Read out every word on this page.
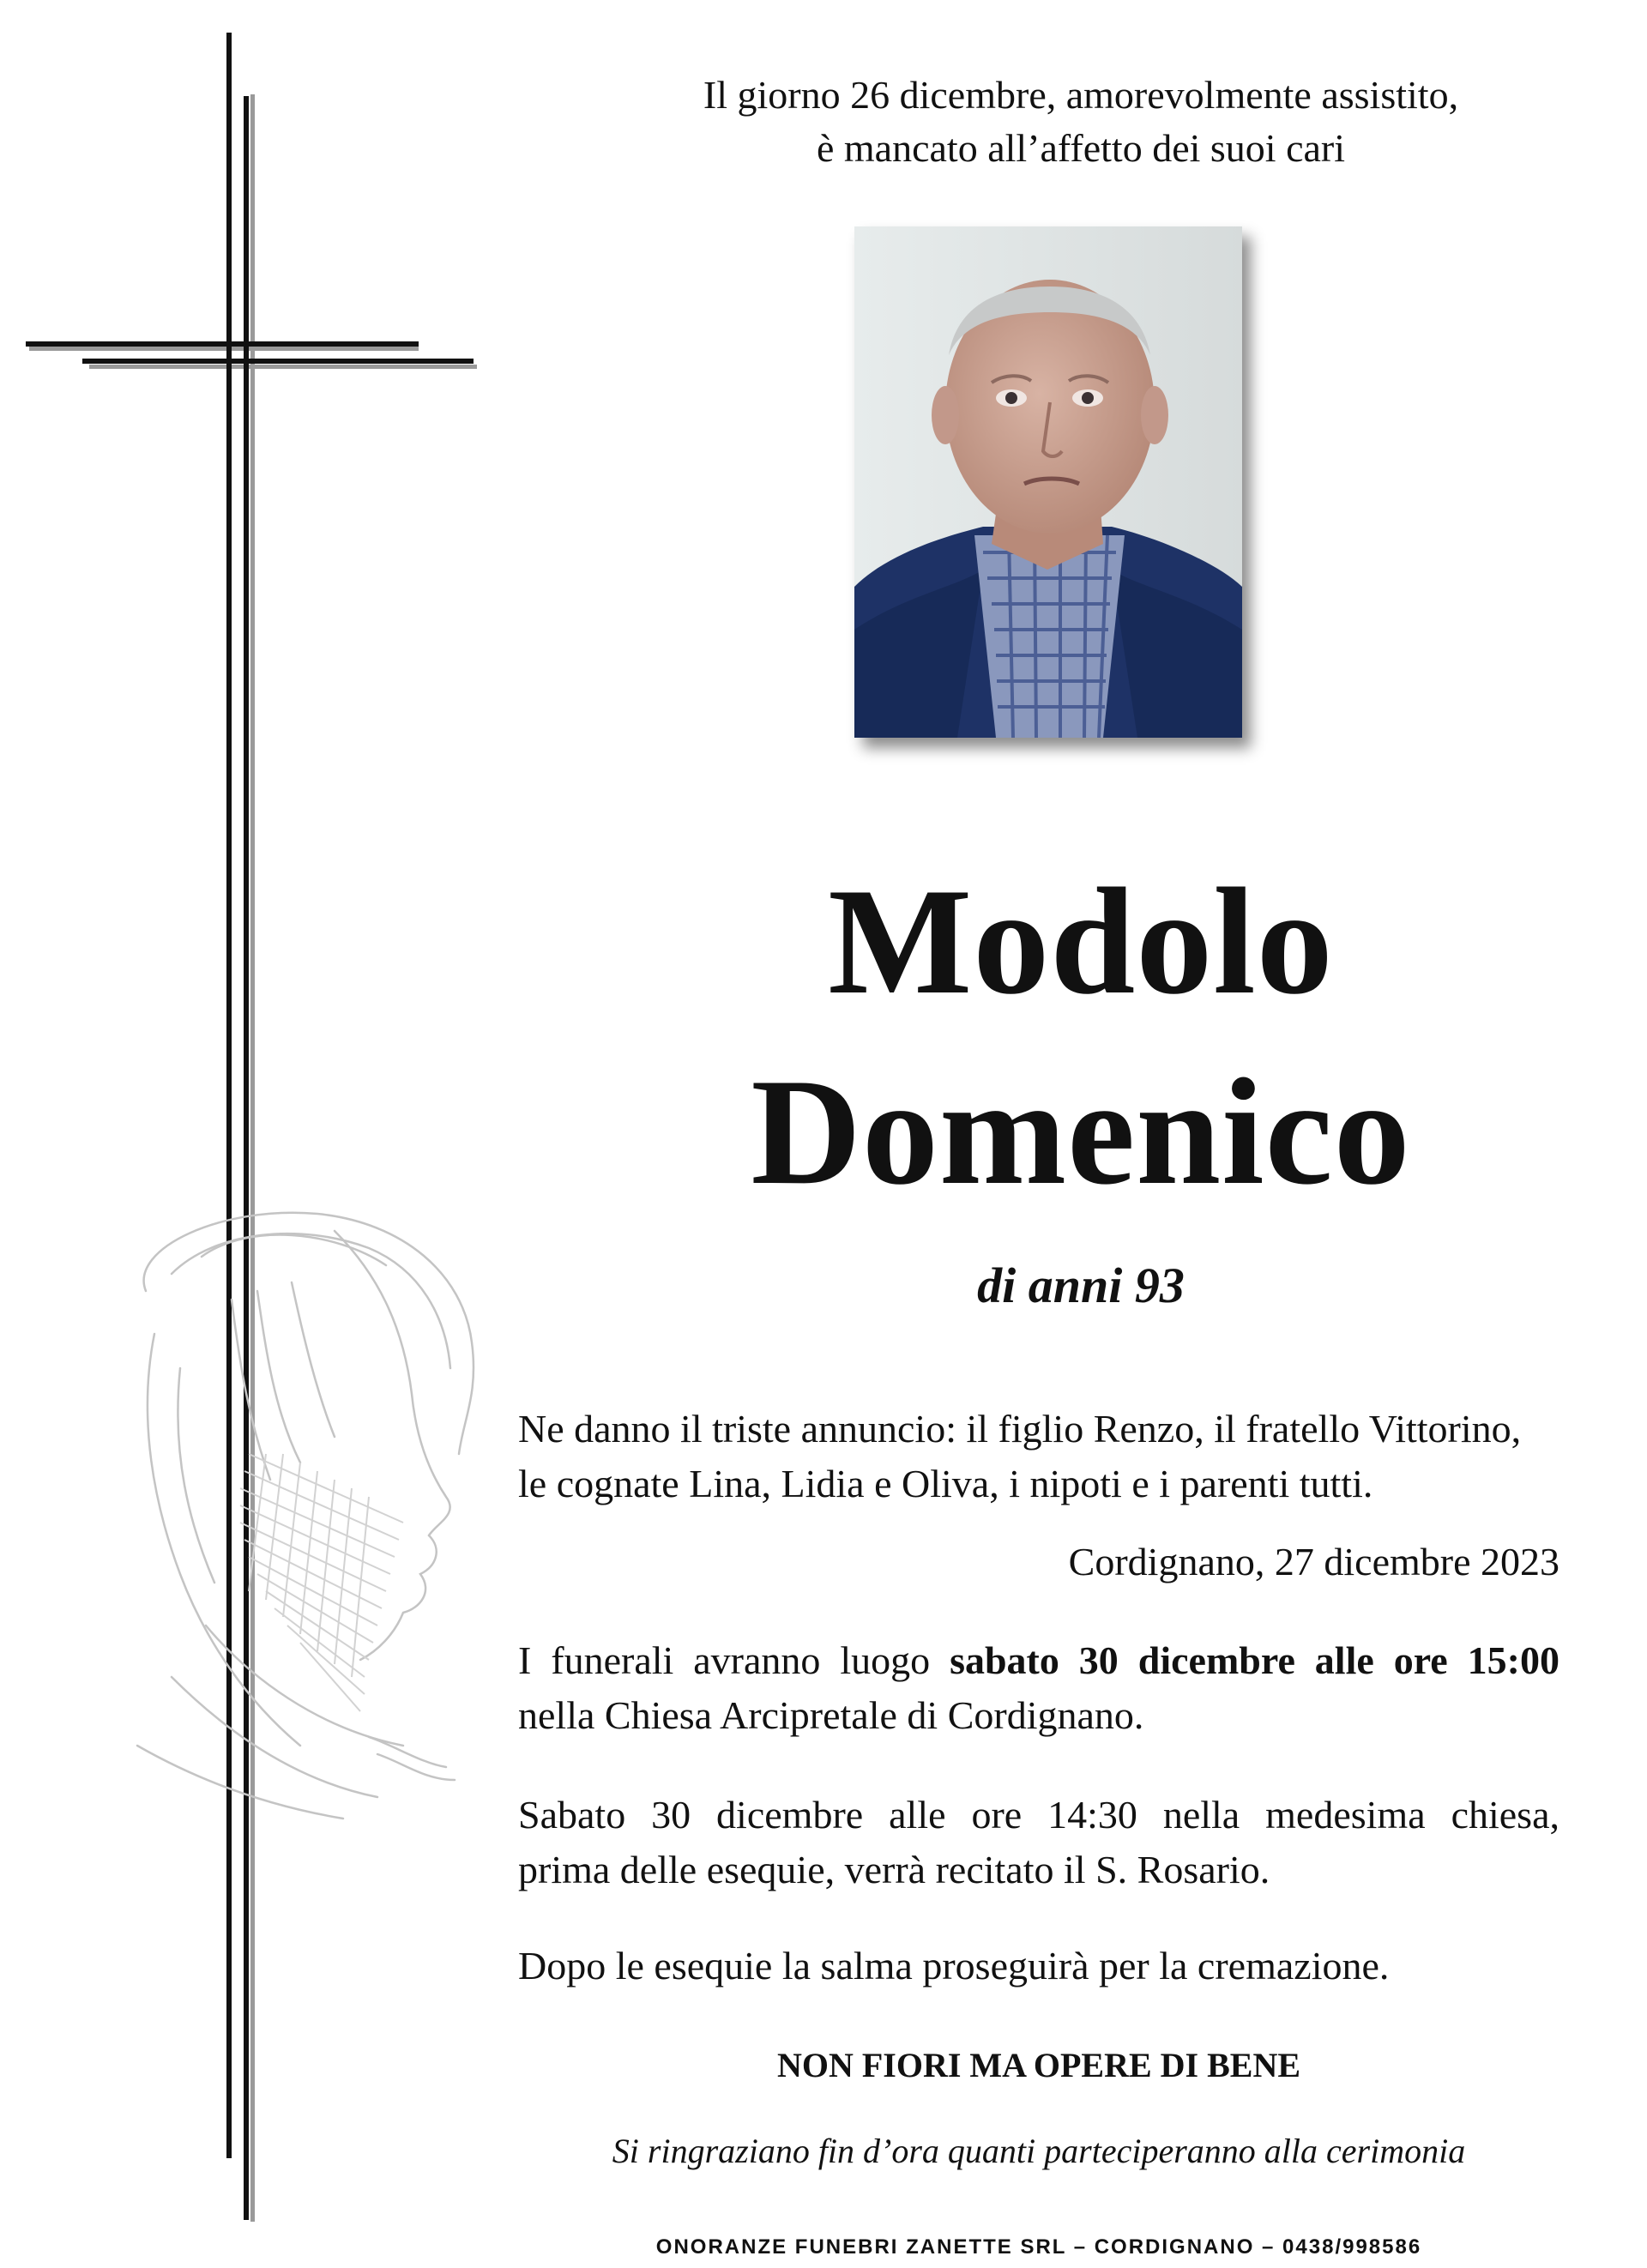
Il giorno 26 dicembre, amorevolmente assistito,
è mancato all’affetto dei suoi cari
Modolo
Domenico
di anni 93
Ne danno il triste annuncio: il figlio Renzo, il fratello Vittorino,
le cognate Lina, Lidia e Oliva, i nipoti e i parenti tutti.
Cordignano, 27 dicembre 2023
I funerali avranno luogo sabato 30 dicembre alle ore 15:00
nella Chiesa Arcipretale di Cordignano.
Sabato 30 dicembre alle ore 14:30 nella medesima chiesa,
prima delle esequie, verrà recitato il S. Rosario.
Dopo le esequie la salma proseguirà per la cremazione.
NON FIORI MA OPERE DI BENE
Si ringraziano fin d’ora quanti parteciperanno alla cerimonia
ONORANZE FUNEBRI ZANETTE SRL – CORDIGNANO – 0438/998586
